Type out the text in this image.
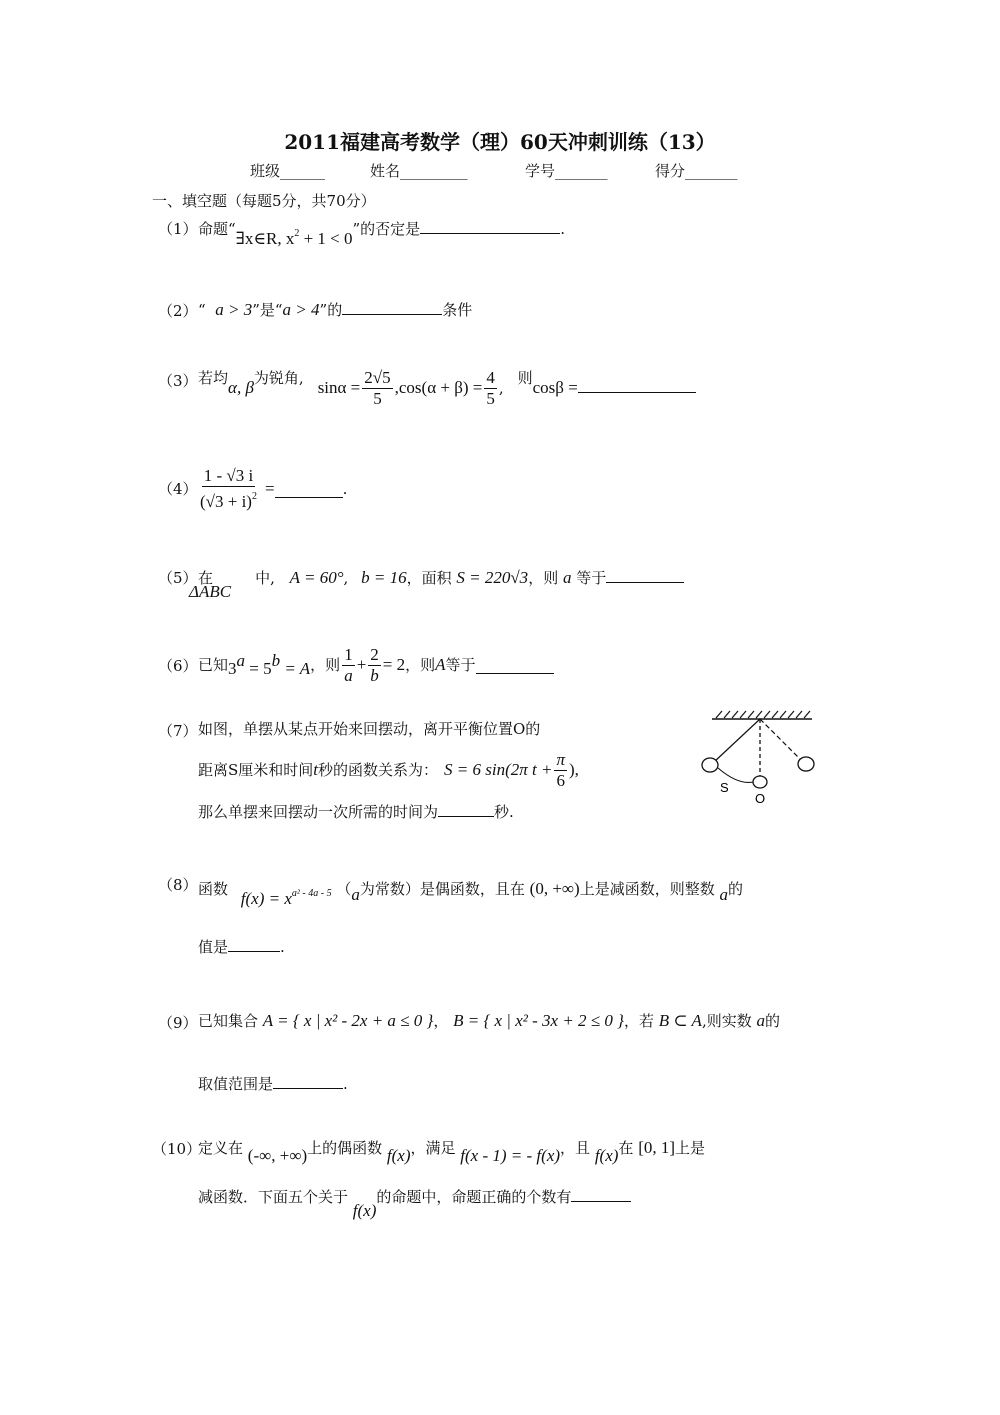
2011福建高考数学（理）60天冲刺训练（13）
班级______	姓名_________	学号_______	得分_______
一、填空题（每题5分，共70分）
（1） 命题“∃x∈R, $x^2 + 1 < 0$”的否定是	.
（2） “ a > 3”是“a > 4”的	条件
（3） 若均 α, β 为锐角, $\sin\alpha = \frac{2√5}{5} ,\cos(\alpha + \beta) = \frac{4}{5}$ ,
则 cosβ =
$(4) \frac{1 - √3 i}{(√3 + i)^2}$ =	.
（5） 在ΔABC中, A = 60°, b = 16，面积 S = 220√3，则 a 等于
（6） 已知 $3^a = 5^b = A$ ，则 $\frac{1}{a} + \frac{2}{b} = 2$ ，则 A 等于
（7） 如图，单摆从某点开始来回摆动，离开平衡位置O的
距离S厘米和时间 t 秒的函数关系为： S = 6 sin(2π $t + \frac{\pi}{6}$ ),
那么单摆来回摆动一次所需的时间为	秒.
S
O
（8） 函数 $f(x) = x^{a^2 - 4a - 5}$ （a为常数）是偶函数，且在 (0, +∞)上是减函数，则整数 a的
值是	.
（9） 已知集合 A = { x | x² - 2x + a ≤ 0 }， B = { x | x² - 3x + 2 ≤ 0 }，若 B ⊂ A,则实数 a的
取值范围是	.
（10）
定义在 (-∞, +∞)上的偶函数 f(x)，满足 f(x - 1) = - f(x)，且 f(x)在 [0, 1]上是
减函数．下面五个关于 f(x)的命题中，命题正确的个数有
